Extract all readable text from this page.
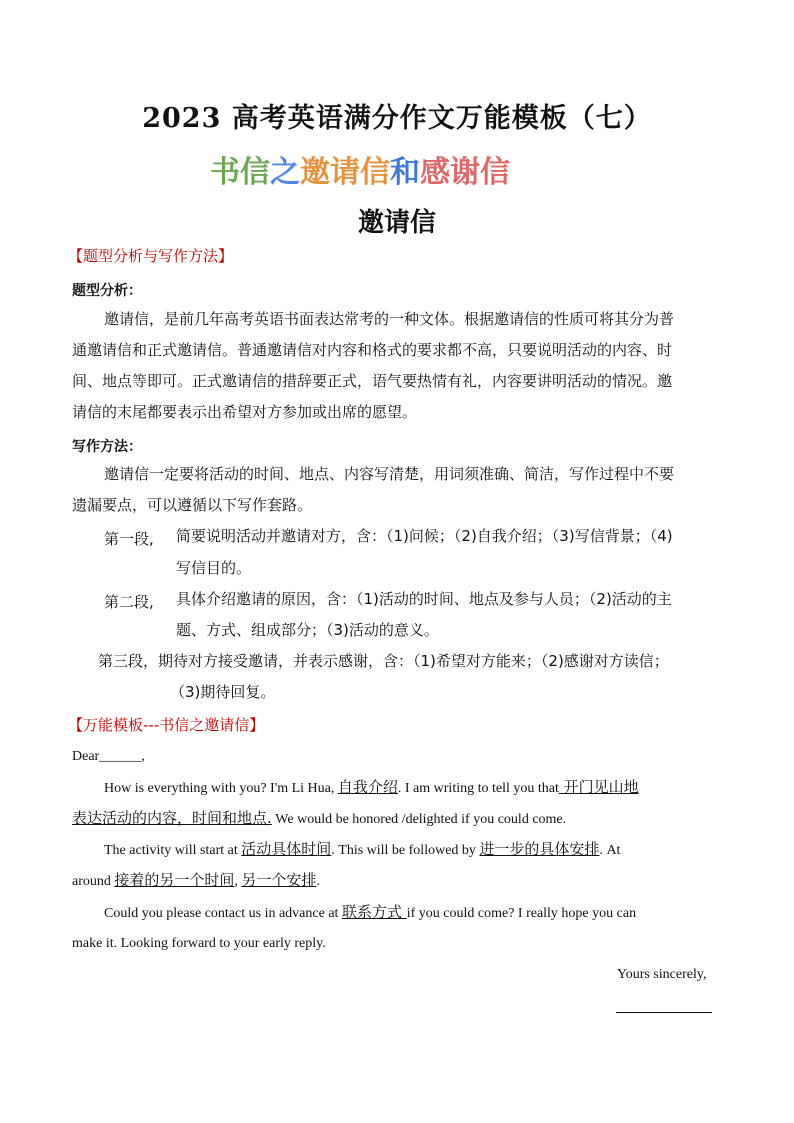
2023 高考英语满分作文万能模板（七）
书信之邀请信和感谢信
邀请信
【题型分析与写作方法】
题型分析：
邀请信，是前几年高考英语书面表达常考的一种文体。根据邀请信的性质可将其分为普
通邀请信和正式邀请信。普通邀请信对内容和格式的要求都不高，只要说明活动的内容、时
间、地点等即可。正式邀请信的措辞要正式，语气要热情有礼，内容要讲明活动的情况。邀
请信的末尾都要表示出希望对方参加或出席的愿望。
写作方法：
邀请信一定要将活动的时间、地点、内容写清楚，用词须准确、简洁，写作过程中不要
遗漏要点，可以遵循以下写作套路。
第一段, 简要说明活动并邀请对方，含：（1)问候；（2)自我介绍；（3)写信背景；（4)
写信目的。
第二段, 具体介绍邀请的原因，含：（1)活动的时间、地点及参与人员；（2)活动的主
题、方式、组成部分；（3)活动的意义。
第三段，期待对方接受邀请，并表示感谢，含：（1)希望对方能来；（2)感谢对方读信；
（3)期待回复。
【万能模板---书信之邀请信】
Dear______,
How is everything with you? I'm Li Hua, 自我介绍. I am writing to tell you that 开门见山地
表达活动的内容，时间和地点. We would be honored /delighted if you could come.
The activity will start at 活动具体时间. This will be followed by 进一步的具体安排. At
around 接着的另一个时间, 另一个安排.
Could you please contact us in advance at 联系方式 if you could come? I really hope you can
make it. Looking forward to your early reply.
Yours sincerely,
